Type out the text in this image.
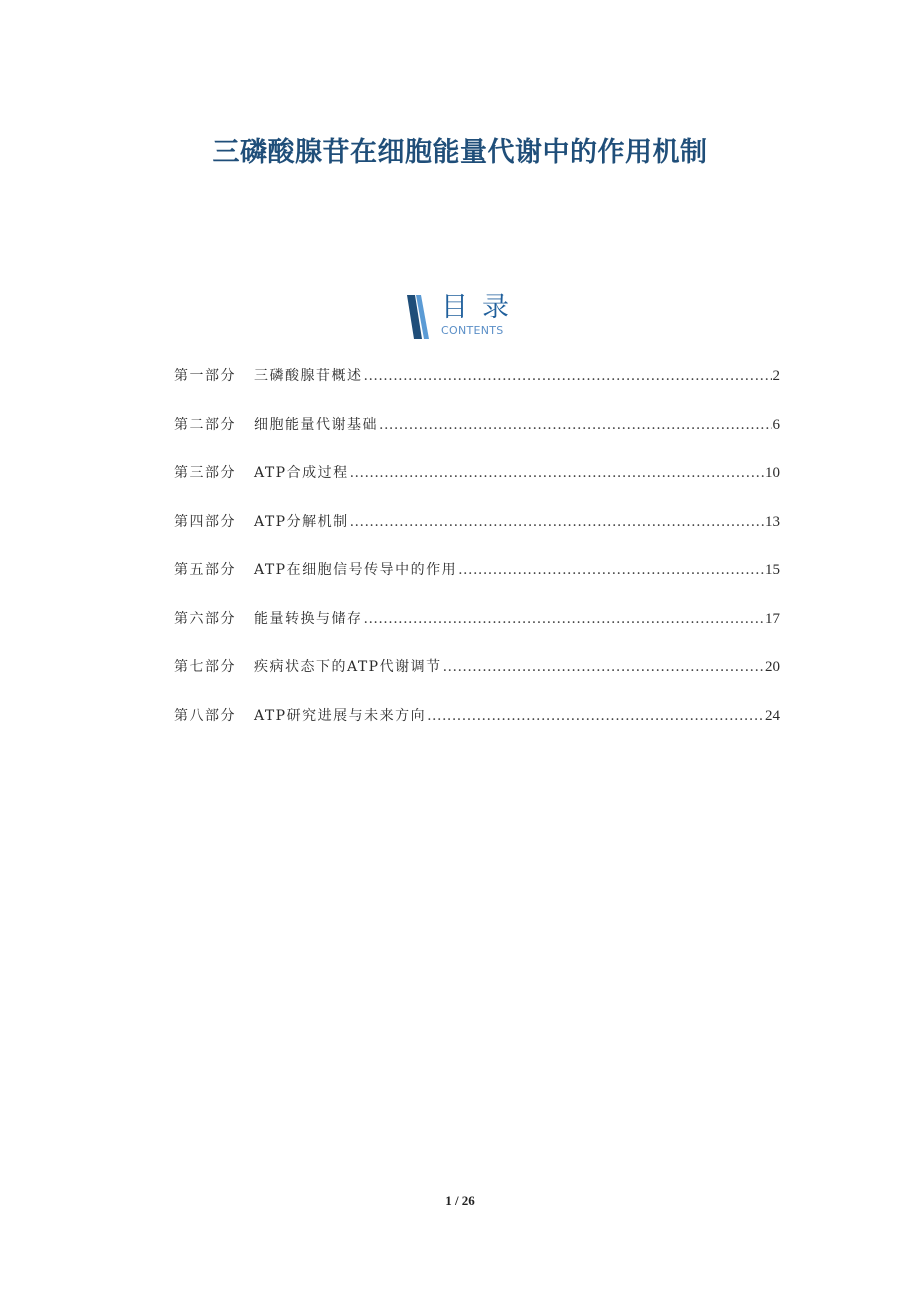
三磷酸腺苷在细胞能量代谢中的作用机制
目录
CONTENTS
第一部分	三磷酸腺苷概述 .....	2
第二部分	细胞能量代谢基础 .....	6
第三部分	ATP合成过程 .....	10
第四部分	ATP分解机制 .....	13
第五部分	ATP在细胞信号传导中的作用 .....	15
第六部分	能量转换与储存 .....	17
第七部分	疾病状态下的ATP代谢调节 .....	20
第八部分	ATP研究进展与未来方向 .....	24
1 / 26
